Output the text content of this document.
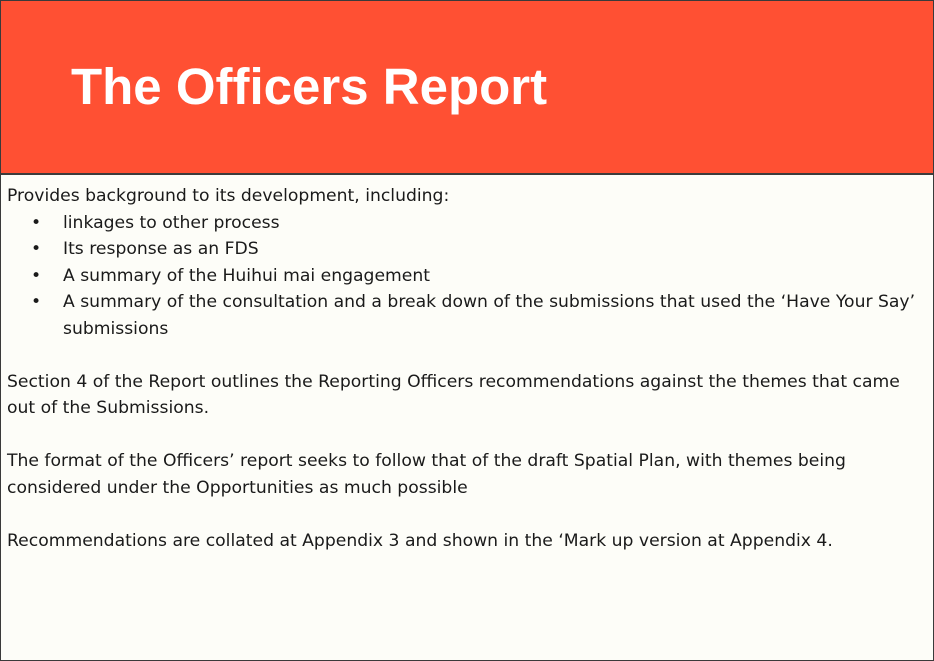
The Officers Report

Provides background to its development, including:

• linkages to other process
• Its response as an FDS
• A summary of the Huihui mai engagement
• A summary of the consultation and a break down of the submissions that used the ‘Have Your Say’ submissions

Section 4 of the Report outlines the Reporting Officers recommendations against the themes that came out of the Submissions.

The format of the Officers’ report seeks to follow that of the draft Spatial Plan, with themes being considered under the Opportunities as much possible

Recommendations are collated at Appendix 3 and shown in the ‘Mark up version at Appendix 4.
